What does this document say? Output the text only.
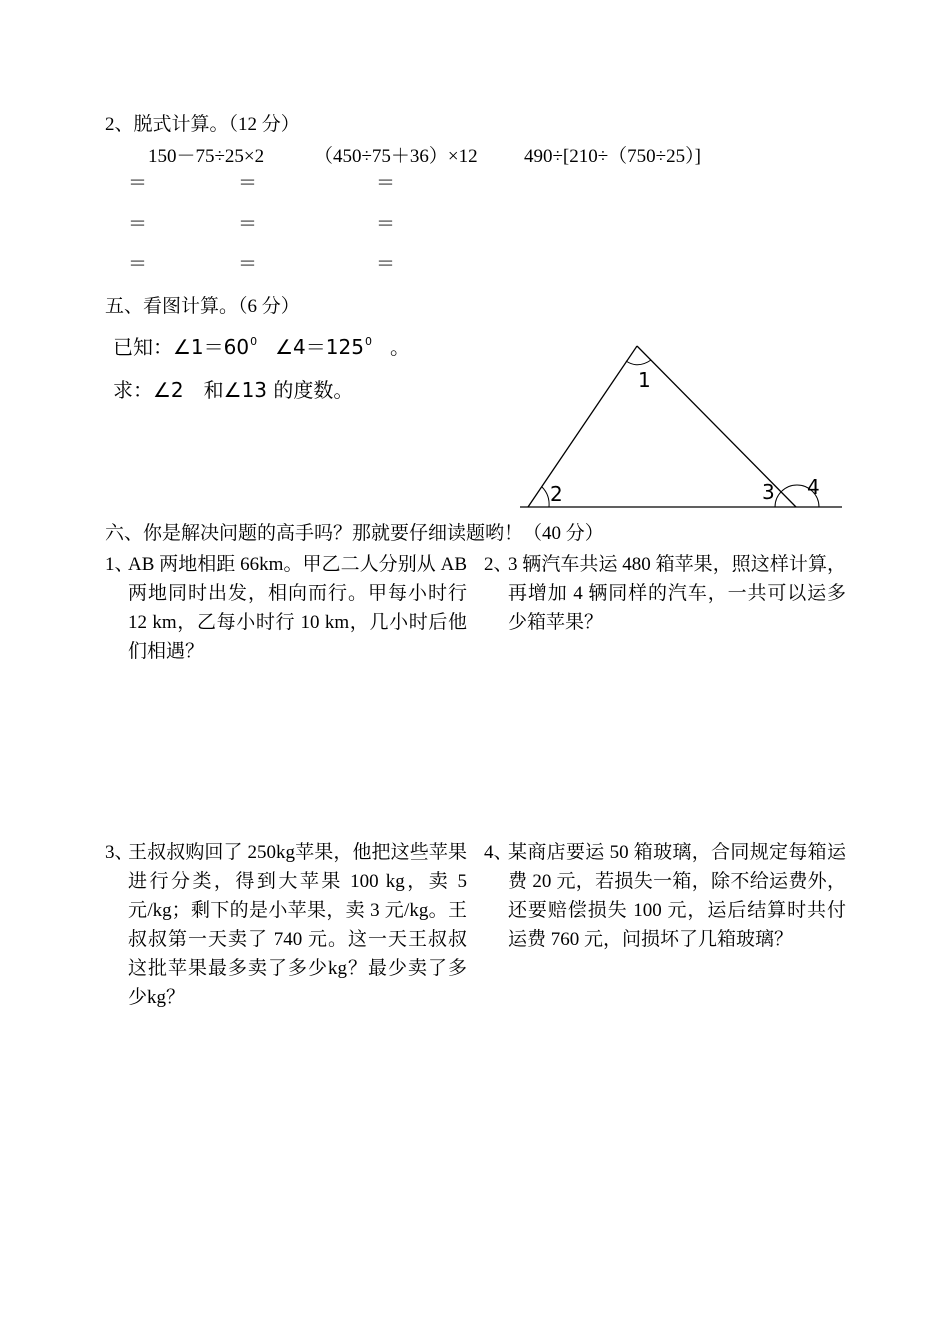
2、脱式计算。（12 分）
150－75÷25×2	（450÷75＋36）×12 490÷[210÷（750÷25）]
＝	＝	＝
＝	＝	＝
＝	＝	＝
五、看图计算。（6 分）
已知：$\angle 1=60^0$ $\angle 4=125^0$ 。
求：∠2　和∠13 的度数。	1
2	3 4
六、你是解决问题的高手吗？那就要仔细读题哟！（40 分）
1、
AB 两地相距 66km。甲乙二人分别从 AB 两地同时出发，相向而行。甲每小时行 12 km，乙每小时行 10 km，几小时后他们相遇？
2、
3 辆汽车共运 480 箱苹果，照这样计算，再增加 4 辆同样的汽车，一共可以运多少箱苹果？
3、
王叔叔购回了 250kg苹果，他把这些苹果进行分类，得到大苹果 100 kg，卖 5 元/kg；剩下的是小苹果，卖 3 元/kg。王叔叔第一天卖了 740 元。这一天王叔叔这批苹果最多卖了多少kg？最少卖了多少kg？
4、
某商店要运 50 箱玻璃，合同规定每箱运费 20 元，若损失一箱，除不给运费外，还要赔偿损失 100 元，运后结算时共付运费 760 元，问损坏了几箱玻璃？
